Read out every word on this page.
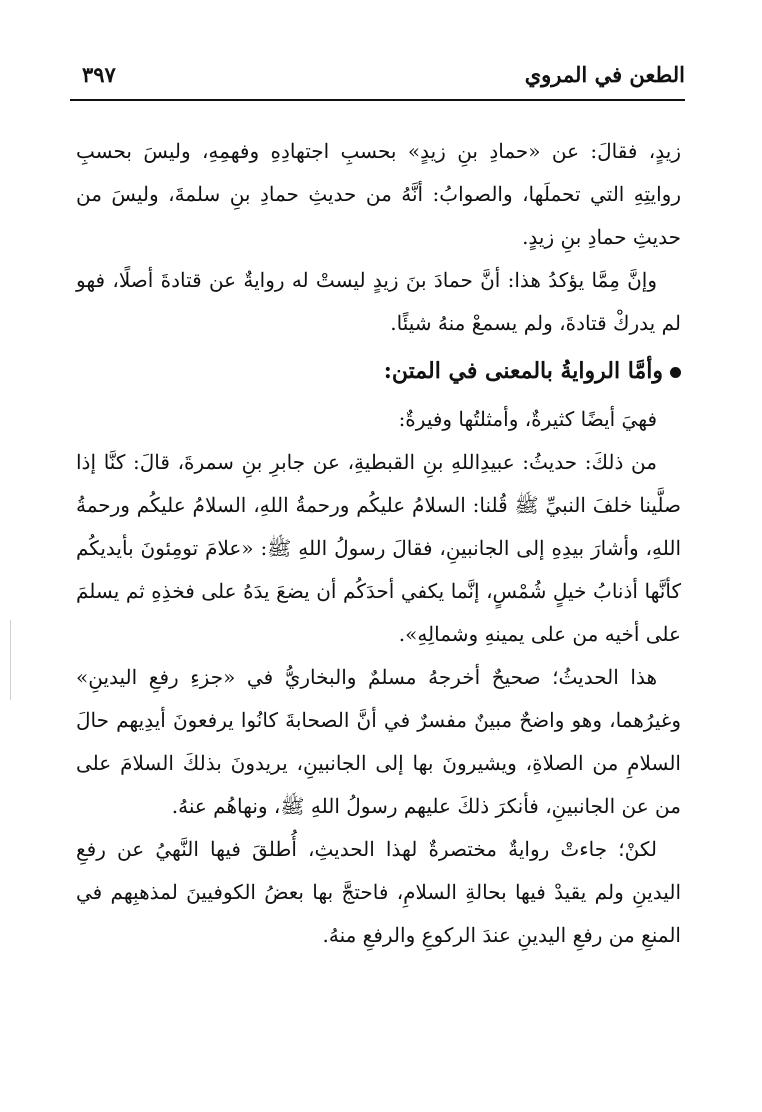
الطعن في المروي
٣٩٧

زيدٍ، فقالَ: عن «حمادِ بنِ زيدٍ» بحسبِ اجتهادِهِ وفهمِهِ، وليسَ بحسبِ روايتِهِ التي تحملَها، والصوابُ: أنَّهُ من حديثِ حمادِ بنِ سلمةَ، وليسَ من حديثِ حمادِ بنِ زيدٍ.

وإنَّ مِمَّا يؤكدُ هذا: أنَّ حمادَ بنَ زيدٍ ليستْ له روايةٌ عن قتادةَ أصلًا، فهو لم يدركْ قتادةَ، ولم يسمعْ منهُ شيئًا.

وأمَّا الروايةُ بالمعنى في المتن:

فهيَ أيضًا كثيرةٌ، وأمثلتُها وفيرةٌ:

من ذلكَ: حديثُ: عبيدِاللهِ بنِ القبطيةِ، عن جابرِ بنِ سمرةَ، قالَ: كنَّا إذا صلَّينا خلفَ النبيِّ ﷺ قُلنا: السلامُ عليكُم ورحمةُ اللهِ، السلامُ عليكُم ورحمةُ اللهِ، وأشارَ بيدِهِ إلى الجانبينِ، فقالَ رسولُ اللهِ ﷺ: «علامَ تومِئونَ بأيديكُم كأنَّها أذنابُ خيلٍ شُمْسٍ، إنَّما يكفي أحدَكُم أن يضعَ يدَهُ على فخذِهِ ثم يسلمَ على أخيه من على يمينهِ وشمالِهِ».

هذا الحديثُ؛ صحيحٌ أخرجهُ مسلمٌ والبخاريُّ في «جزءِ رفعِ اليدينِ» وغيرُهما، وهو واضحٌ مبينٌ مفسرٌ في أنَّ الصحابةَ كانُوا يرفعونَ أيدِيهم حالَ السلامِ من الصلاةِ، ويشيرونَ بها إلى الجانبينِ، يريدونَ بذلكَ السلامَ على من عن الجانبينِ، فأنكرَ ذلكَ عليهم رسولُ اللهِ ﷺ، ونهاهُم عنهُ.

لكنْ؛ جاءتْ روايةٌ مختصرةٌ لهذا الحديثِ، أُطلقَ فيها النَّهيُ عن رفعِ اليدينِ ولم يقيدْ فيها بحالةِ السلامِ، فاحتجَّ بها بعضُ الكوفيينَ لمذهبِهم في المنعِ من رفعِ اليدينِ عندَ الركوعِ والرفعِ منهُ.
